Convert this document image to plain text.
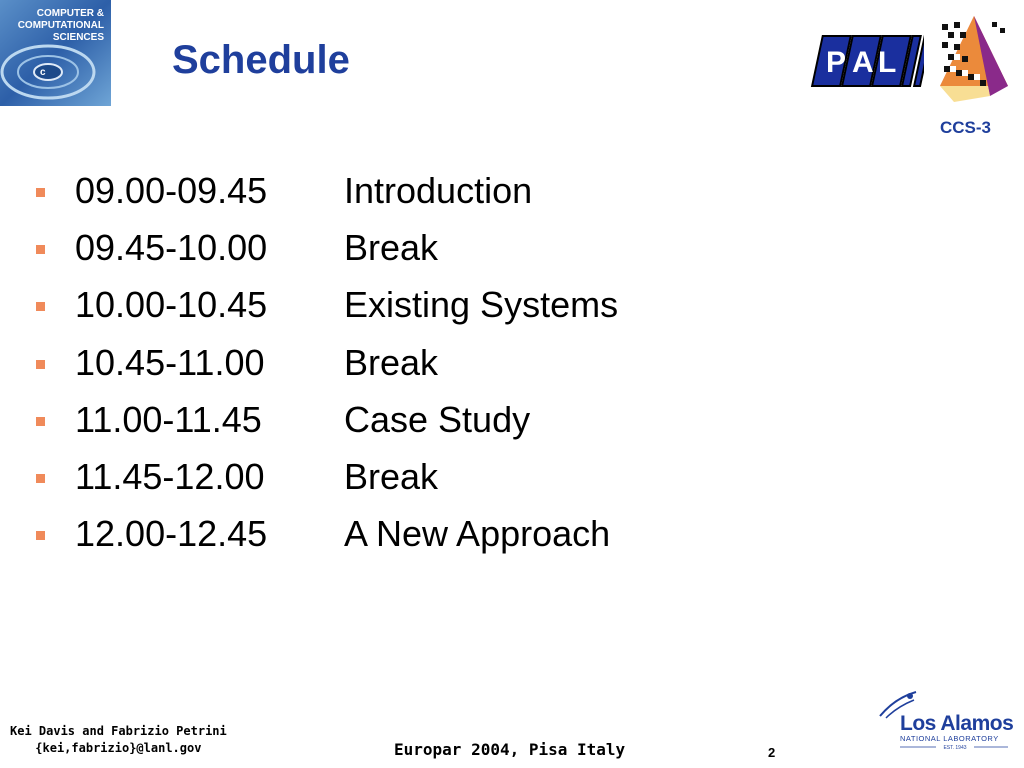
c
COMPUTER &
COMPUTATIONAL
SCIENCES
Schedule	P A L
CCS-3
09.00-09.45	Introduction
09.45-10.00	Break
10.00-10.45	Existing Systems
10.45-11.00	Break
11.00-11.45	Case Study
11.45-12.00	Break
12.00-12.45	A New Approach
Kei Davis and Fabrizio Petrini
{kei,fabrizio}@lanl.gov	Europar 2004, Pisa Italy	2
Los Alamos
NATIONAL LABORATORY
EST. 1943
